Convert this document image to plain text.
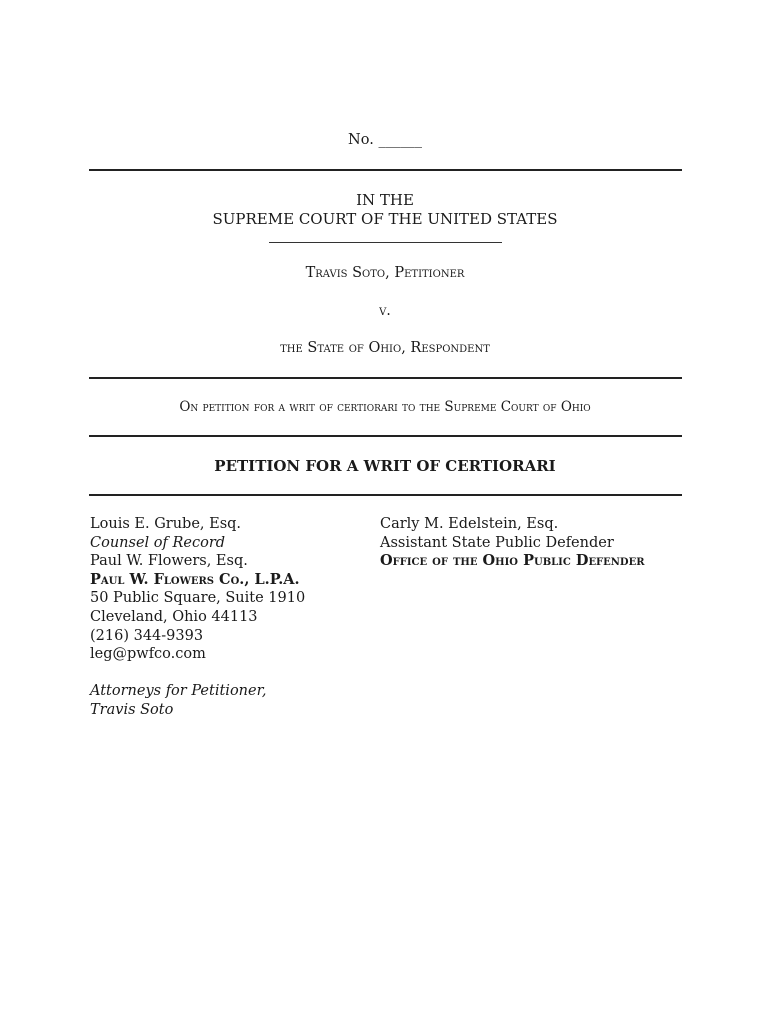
No. ______
IN THE
SUPREME COURT OF THE UNITED STATES
Travis Soto, Petitioner
v.
the State of Ohio, Respondent
On petition for a writ of certiorari to the Supreme Court of Ohio
PETITION FOR A WRIT OF CERTIORARI
Louis E. Grube, Esq.
Counsel of Record
Paul W. Flowers, Esq.
Paul W. Flowers Co., L.P.A.
50 Public Square, Suite 1910
Cleveland, Ohio 44113
(216) 344-9393
leg@pwfco.com
Attorneys for Petitioner,
Travis Soto
Carly M. Edelstein, Esq.
Assistant State Public Defender
Office of the Ohio Public Defender
